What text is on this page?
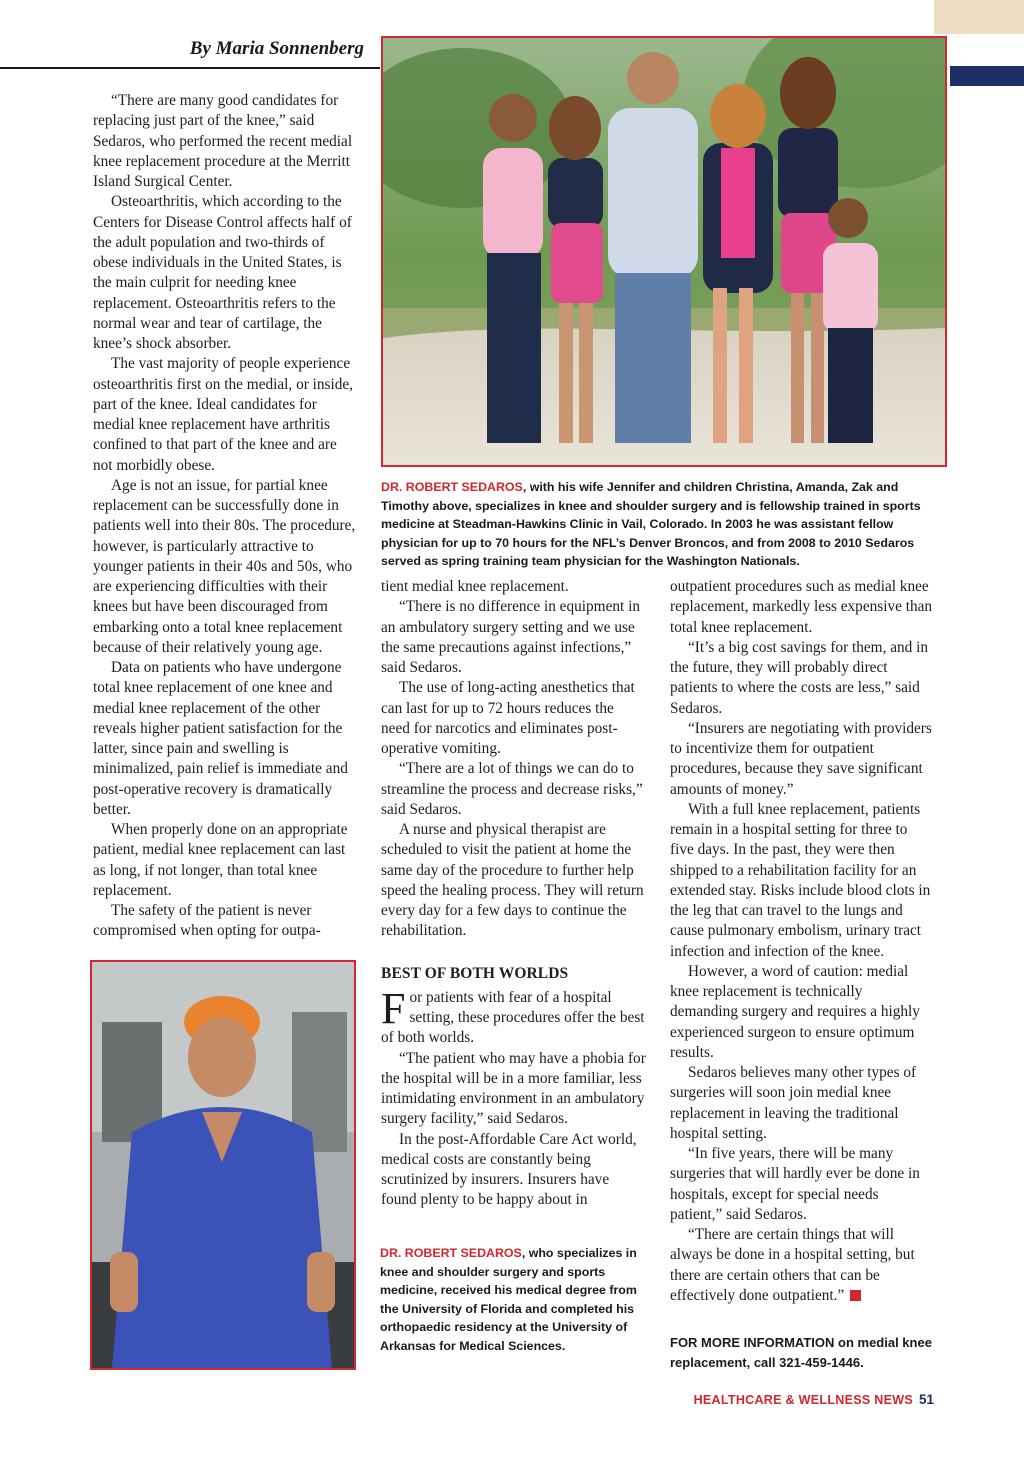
By Maria Sonnenberg
DR. ROBERT SEDAROS, with his wife Jennifer and children Christina, Amanda, Zak and Timothy above, specializes in knee and shoulder surgery and is fellowship trained in sports medicine at Steadman-Hawkins Clinic in Vail, Colorado. In 2003 he was assistant fellow physician for up to 70 hours for the NFL’s Denver Broncos, and from 2008 to 2010 Sedaros served as spring training team physician for the Washington Nationals.

“There are many good candidates for replacing just part of the knee,” said Sedaros, who performed the recent medial knee replacement procedure at the Merritt Island Surgical Center.

Osteoarthritis, which according to the Centers for Disease Control affects half of the adult population and two-thirds of obese individuals in the United States, is the main culprit for needing knee replacement. Osteoarthritis refers to the normal wear and tear of cartilage, the knee’s shock absorber.

The vast majority of people experience osteoarthritis first on the medial, or inside, part of the knee. Ideal candidates for medial knee replacement have arthritis confined to that part of the knee and are not morbidly obese.

Age is not an issue, for partial knee replacement can be successfully done in patients well into their 80s. The procedure, however, is particularly attractive to younger patients in their 40s and 50s, who are experiencing difficulties with their knees but have been discouraged from embarking onto a total knee replacement because of their relatively young age.

Data on patients who have undergone total knee replacement of one knee and medial knee replacement of the other reveals higher patient satisfaction for the latter, since pain and swelling is minimalized, pain relief is immediate and post-operative recovery is dramatically better.

When properly done on an appropriate patient, medial knee replacement can last as long, if not longer, than total knee replacement.

The safety of the patient is never compromised when opting for outpa-

tient medial knee replacement.

“There is no difference in equipment in an ambulatory surgery setting and we use the same precautions against infections,” said Sedaros.

The use of long-acting anesthetics that can last for up to 72 hours reduces the need for narcotics and eliminates post-operative vomiting.

“There are a lot of things we can do to streamline the process and decrease risks,” said Sedaros.

A nurse and physical therapist are scheduled to visit the patient at home the same day of the procedure to further help speed the healing process. They will return every day for a few days to continue the rehabilitation.

BEST OF BOTH WORLDS

For patients with fear of a hospital setting, these procedures offer the best of both worlds.

“The patient who may have a phobia for the hospital will be in a more familiar, less intimidating environment in an ambulatory surgery facility,” said Sedaros.

In the post-Affordable Care Act world, medical costs are constantly being scrutinized by insurers. Insurers have found plenty to be happy about in

DR. ROBERT SEDAROS, who specializes in knee and shoulder surgery and sports medicine, received his medical degree from the University of Florida and completed his orthopaedic residency at the University of Arkansas for Medical Sciences.

outpatient procedures such as medial knee replacement, markedly less expensive than total knee replacement.

“It’s a big cost savings for them, and in the future, they will probably direct patients to where the costs are less,” said Sedaros.

“Insurers are negotiating with providers to incentivize them for outpatient procedures, because they save significant amounts of money.”

With a full knee replacement, patients remain in a hospital setting for three to five days. In the past, they were then shipped to a rehabilitation facility for an extended stay. Risks include blood clots in the leg that can travel to the lungs and cause pulmonary embolism, urinary tract infection and infection of the knee.

However, a word of caution: medial knee replacement is technically demanding surgery and requires a highly experienced surgeon to ensure optimum results.

Sedaros believes many other types of surgeries will soon join medial knee replacement in leaving the traditional hospital setting.

“In five years, there will be many surgeries that will hardly ever be done in hospitals, except for special needs patient,” said Sedaros.

“There are certain things that will always be done in a hospital setting, but there are certain others that can be effectively done outpatient.”

FOR MORE INFORMATION on medial knee replacement, call 321-459-1446.
HEALTHCARE & WELLNESS NEWS 51
